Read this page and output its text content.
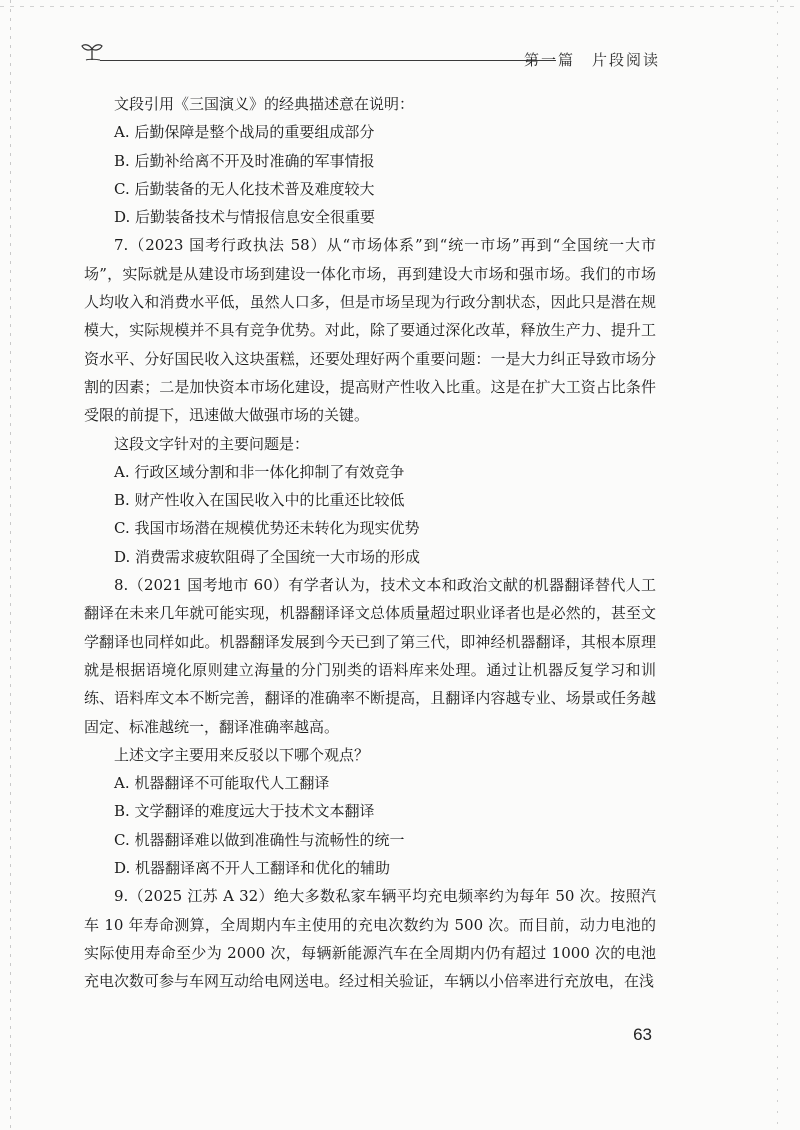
第一篇　片段阅读

文段引用《三国演义》的经典描述意在说明：

A. 后勤保障是整个战局的重要组成部分

B. 后勤补给离不开及时准确的军事情报

C. 后勤装备的无人化技术普及难度较大

D. 后勤装备技术与情报信息安全很重要

7.（2023 国考行政执法 58）从“市场体系”到“统一市场”再到“全国统一大市场”，实际就是从建设市场到建设一体化市场，再到建设大市场和强市场。我们的市场人均收入和消费水平低，虽然人口多，但是市场呈现为行政分割状态，因此只是潜在规模大，实际规模并不具有竞争优势。对此，除了要通过深化改革，释放生产力、提升工资水平、分好国民收入这块蛋糕，还要处理好两个重要问题：一是大力纠正导致市场分割的因素；二是加快资本市场化建设，提高财产性收入比重。这是在扩大工资占比条件受限的前提下，迅速做大做强市场的关键。

这段文字针对的主要问题是：

A. 行政区域分割和非一体化抑制了有效竞争

B. 财产性收入在国民收入中的比重还比较低

C. 我国市场潜在规模优势还未转化为现实优势

D. 消费需求疲软阻碍了全国统一大市场的形成

8.（2021 国考地市 60）有学者认为，技术文本和政治文献的机器翻译替代人工翻译在未来几年就可能实现，机器翻译译文总体质量超过职业译者也是必然的，甚至文学翻译也同样如此。机器翻译发展到今天已到了第三代，即神经机器翻译，其根本原理就是根据语境化原则建立海量的分门别类的语料库来处理。通过让机器反复学习和训练、语料库文本不断完善，翻译的准确率不断提高，且翻译内容越专业、场景或任务越固定、标准越统一，翻译准确率越高。

上述文字主要用来反驳以下哪个观点？

A. 机器翻译不可能取代人工翻译

B. 文学翻译的难度远大于技术文本翻译

C. 机器翻译难以做到准确性与流畅性的统一

D. 机器翻译离不开人工翻译和优化的辅助

9.（2025 江苏 A 32）绝大多数私家车辆平均充电频率约为每年 50 次。按照汽车 10 年寿命测算，全周期内车主使用的充电次数约为 500 次。而目前，动力电池的实际使用寿命至少为 2000 次，每辆新能源汽车在全周期内仍有超过 1000 次的电池充电次数可参与车网互动给电网送电。经过相关验证，车辆以小倍率进行充放电，在浅

63
